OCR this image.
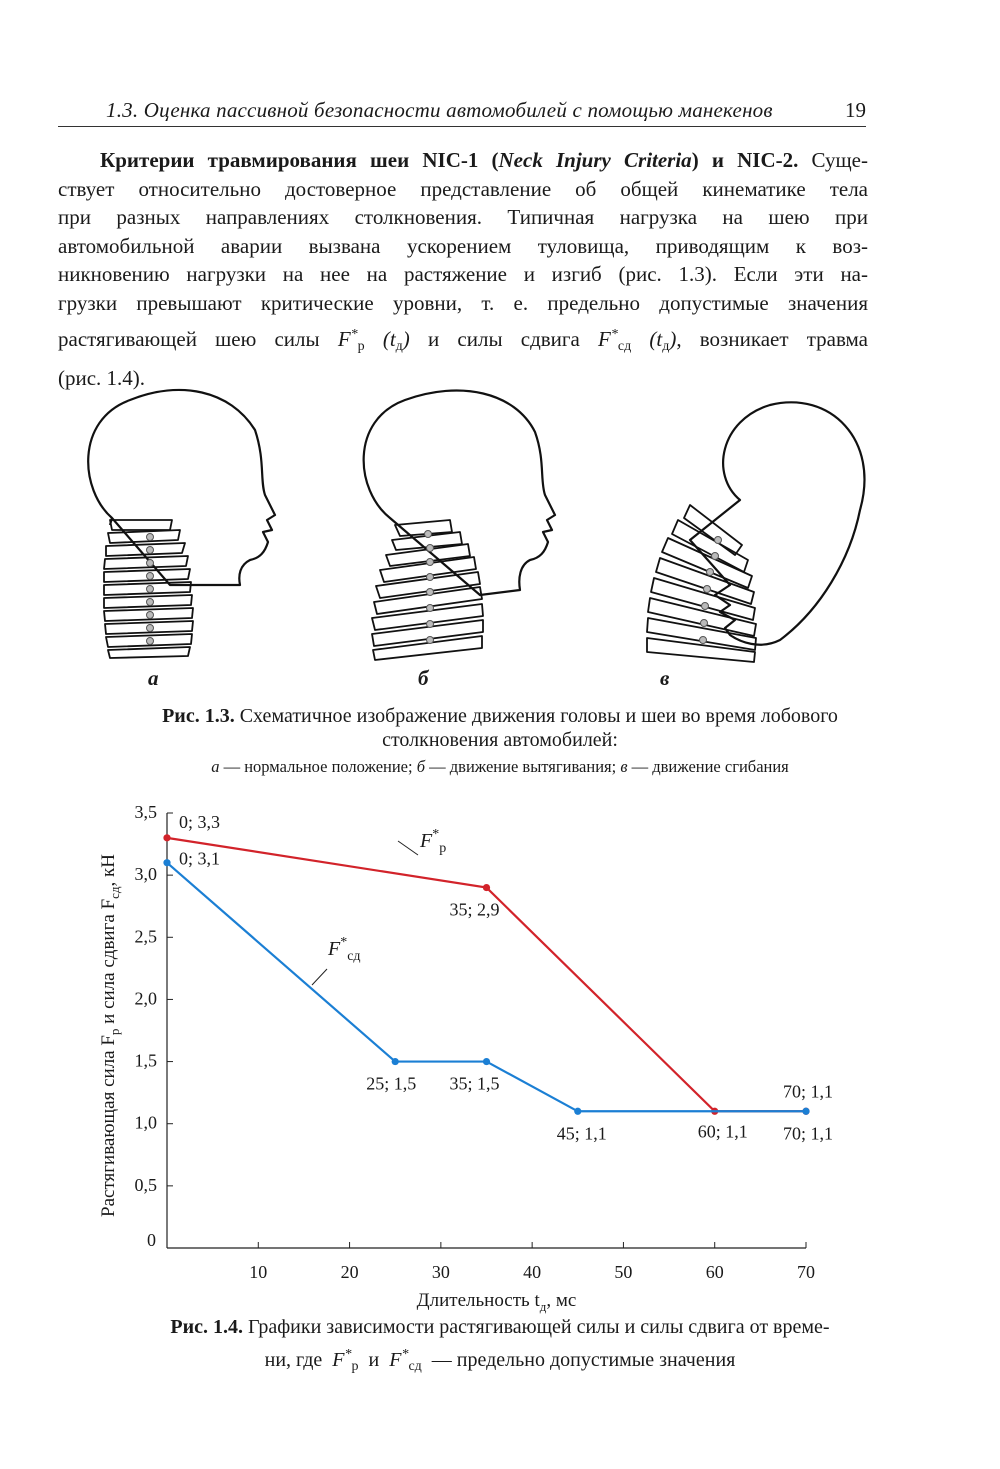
1.3. Оценка пассивной безопасности автомобилей с помощью манекенов	19
Критерии травмирования шеи NIC-1 (Neck Injury Criteria) и NIC-2. Суще-
ствует относительно достоверное представление об общей кинематике тела
при разных направлениях столкновения. Типичная нагрузка на шею при
автомобильной аварии вызвана ускорением туловища, приводящим к воз-
никновению нагрузки на нее на растяжение и изгиб (рис. 1.3). Если эти на-
грузки превышают критические уровни, т. е. предельно допустимые значения
растягивающей шею силы $F^*_р$ $(t_д)$ и силы сдвига $F^*_{сд}$ $(t_д)$, возникает травма
(рис. 1.4).
а	б	в
Рис. 1.3. Схематичное изображение движения головы и шеи во время лобового
столкновения автомобилей:
а — нормальное положение; б — движение вытягивания; в — движение сгибания
0
0,5
1,0
1,5
2,0
2,5
3,0
3,5
10	20	30	40	50	60	70
Длительность $t_д$, мс
Растягивающая сила $F_р$ и сила сдвига $F_{сд}$, кН
0; 3,3
35; 2,9
60; 1,1
70; 1,1
0; 3,1
25; 1,5 35; 1,5
45; 1,1	70; 1,1
$F^*_р$
$F^*_{сд}$
Рис. 1.4. Графики зависимости растягивающей силы и силы сдвига от време-
ни, где $F^*_р$ и $F^*_{сд}$ — предельно допустимые значения
